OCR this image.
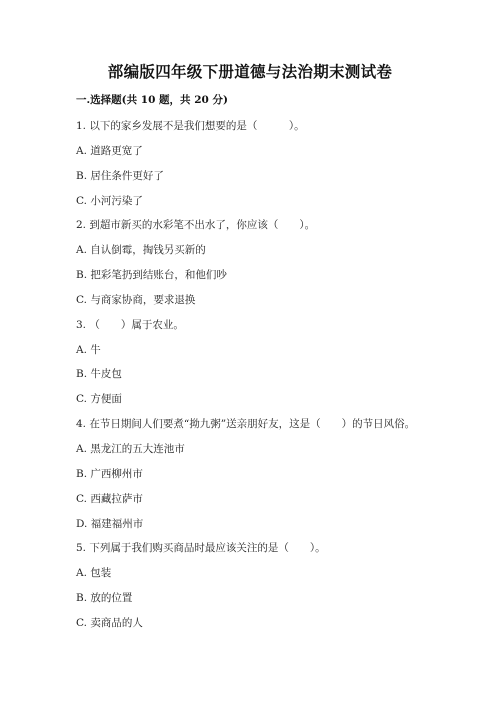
部编版四年级下册道德与法治期末测试卷
一.选择题(共 10 题，共 20 分)
1. 以下的家乡发展不是我们想要的是（　　　）。
A. 道路更宽了
B. 居住条件更好了
C. 小河污染了
2. 到超市新买的水彩笔不出水了，你应该（　　）。
A. 自认倒霉，掏钱另买新的
B. 把彩笔扔到结账台，和他们吵
C. 与商家协商，要求退换
3. （　　）属于农业。
A. 牛
B. 牛皮包
C. 方便面
4. 在节日期间人们要煮“拗九粥”送亲朋好友，这是（　　）的节日风俗。
A. 黑龙江的五大连池市
B. 广西柳州市
C. 西藏拉萨市
D. 福建福州市
5. 下列属于我们购买商品时最应该关注的是（　　）。
A. 包装
B. 放的位置
C. 卖商品的人
